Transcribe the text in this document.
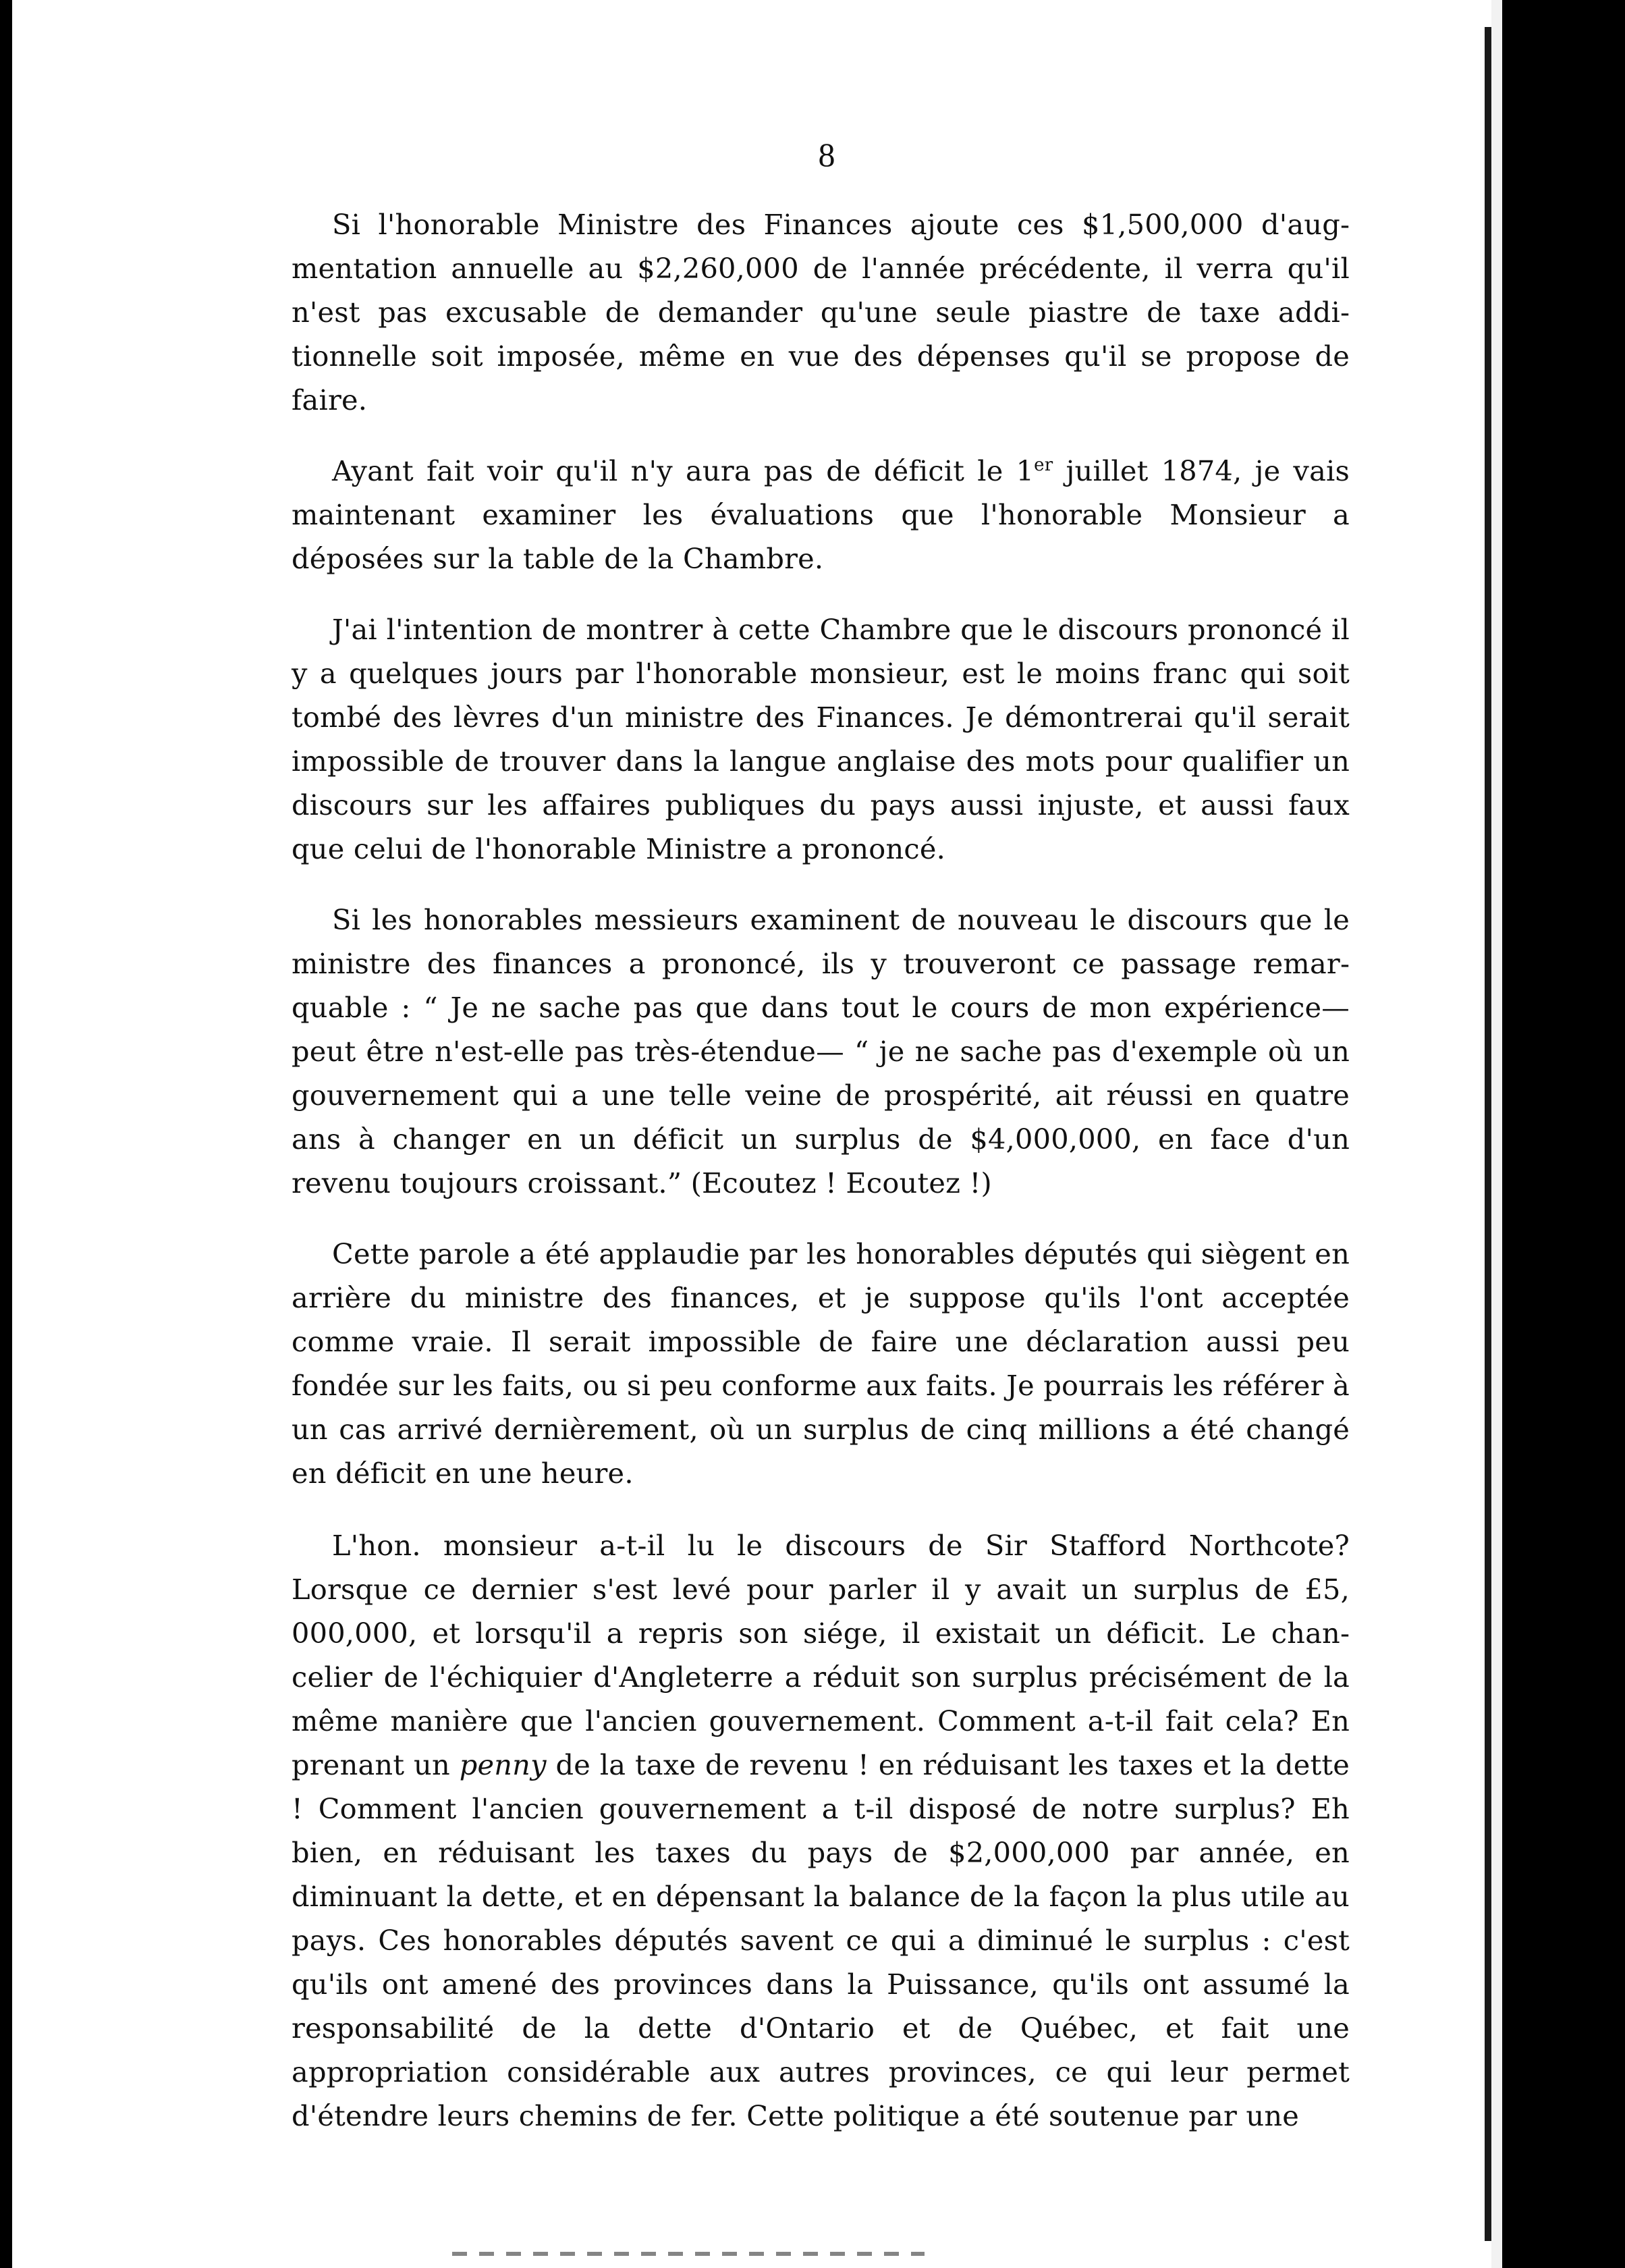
8

Si l'honorable Ministre des Finances ajoute ces $1,500,000 d'augmentation annuelle au $2,260,000 de l'année précédente, il verra qu'il n'est pas excusable de demander qu'une seule piastre de taxe additionnelle soit imposée, même en vue des dépenses qu'il se propose de faire.

Ayant fait voir qu'il n'y aura pas de déficit le 1er juillet 1874, je vais maintenant examiner les évaluations que l'honorable Monsieur a déposées sur la table de la Chambre.

J'ai l'intention de montrer à cette Chambre que le discours prononcé il y a quelques jours par l'honorable monsieur, est le moins franc qui soit tombé des lèvres d'un ministre des Finances. Je démontrerai qu'il serait impossible de trouver dans la langue anglaise des mots pour qualifier un discours sur les affaires publiques du pays aussi injuste, et aussi faux que celui de l'honorable Ministre a prononcé.

Si les honorables messieurs examinent de nouveau le discours que le ministre des finances a prononcé, ils y trouveront ce passage remarquable : “ Je ne sache pas que dans tout le cours de mon expérience— peut être n'est-elle pas très-étendue— “ je ne sache pas d'exemple où un gouvernement qui a une telle veine de prospérité, ait réussi en quatre ans à changer en un déficit un surplus de $4,000,000, en face d'un revenu toujours croissant.” (Ecoutez ! Ecoutez !)

Cette parole a été applaudie par les honorables députés qui siègent en arrière du ministre des finances, et je suppose qu'ils l'ont acceptée comme vraie. Il serait impossible de faire une déclaration aussi peu fondée sur les faits, ou si peu conforme aux faits. Je pourrais les référer à un cas arrivé dernièrement, où un surplus de cinq millions a été changé en déficit en une heure.

L'hon. monsieur a-t-il lu le discours de Sir Stafford Northcote? Lorsque ce dernier s'est levé pour parler il y avait un surplus de £5, 000,000, et lorsqu'il a repris son siége, il existait un déficit. Le chancelier de l'échiquier d'Angleterre a réduit son surplus précisément de la même manière que l'ancien gouvernement. Comment a-t-il fait cela? En prenant un penny de la taxe de revenu ! en réduisant les taxes et la dette ! Comment l'ancien gouvernement a t-il disposé de notre surplus? Eh bien, en réduisant les taxes du pays de $2,000,000 par année, en diminuant la dette, et en dépensant la balance de la façon la plus utile au pays. Ces honorables députés savent ce qui a diminué le surplus : c'est qu'ils ont amené des provinces dans la Puissance, qu'ils ont assumé la responsabilité de la dette d'Ontario et de Québec, et fait une appropriation considérable aux autres provinces, ce qui leur permet d'étendre leurs chemins de fer. Cette politique a été soutenue par une
